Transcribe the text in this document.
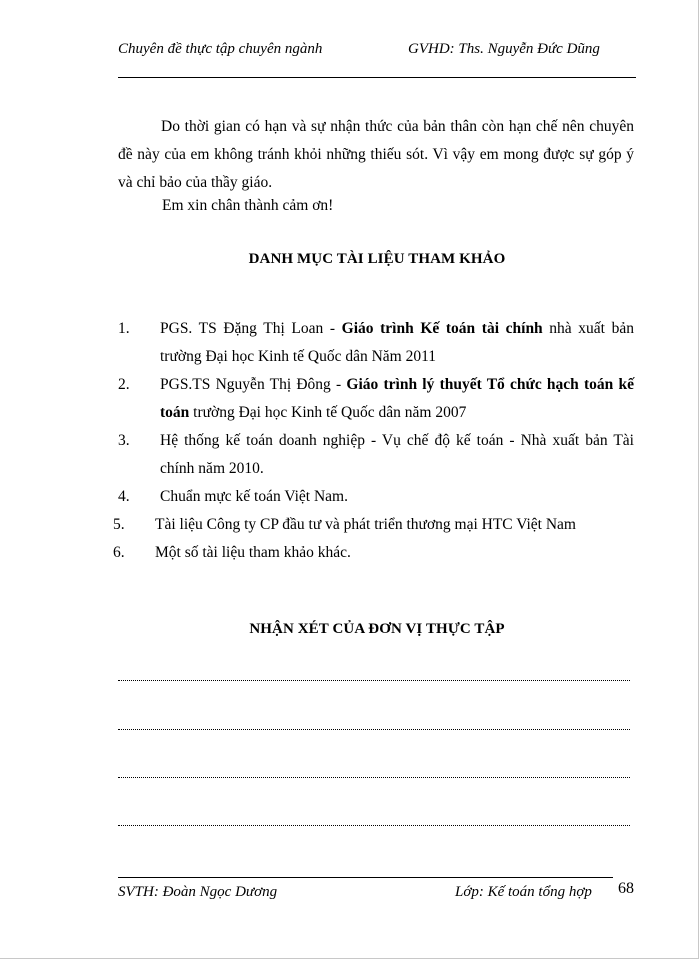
Chuyên đề thực tập chuyên ngành	GVHD: Ths. Nguyễn Đức Dũng

Do thời gian có hạn và sự nhận thức của bản thân còn hạn chế nên chuyên đề này của em không tránh khỏi những thiếu sót. Vì vậy em mong được sự góp ý và chỉ bảo của thầy giáo.

Em xin chân thành cảm ơn!
DANH MỤC TÀI LIỆU THAM KHẢO
1. PGS. TS Đặng Thị Loan - Giáo trình Kế toán tài chính nhà xuất bản trường Đại học Kinh tế Quốc dân Năm 2011
2. PGS.TS Nguyễn Thị Đông - Giáo trình lý thuyết Tổ chức hạch toán kế toán trường Đại học Kinh tế Quốc dân năm 2007
3. Hệ thống kế toán doanh nghiệp - Vụ chế độ kế toán - Nhà xuất bản Tài chính năm 2010.
4. Chuẩn mực kế toán Việt Nam.
5. Tài liệu Công ty CP đầu tư và phát triển thương mại HTC Việt Nam
6. Một số tài liệu tham khảo khác.
NHẬN XÉT CỦA ĐƠN VỊ THỰC TẬP
SVTH: Đoàn Ngọc Dương	Lớp: Kế toán tổng hợp 68
